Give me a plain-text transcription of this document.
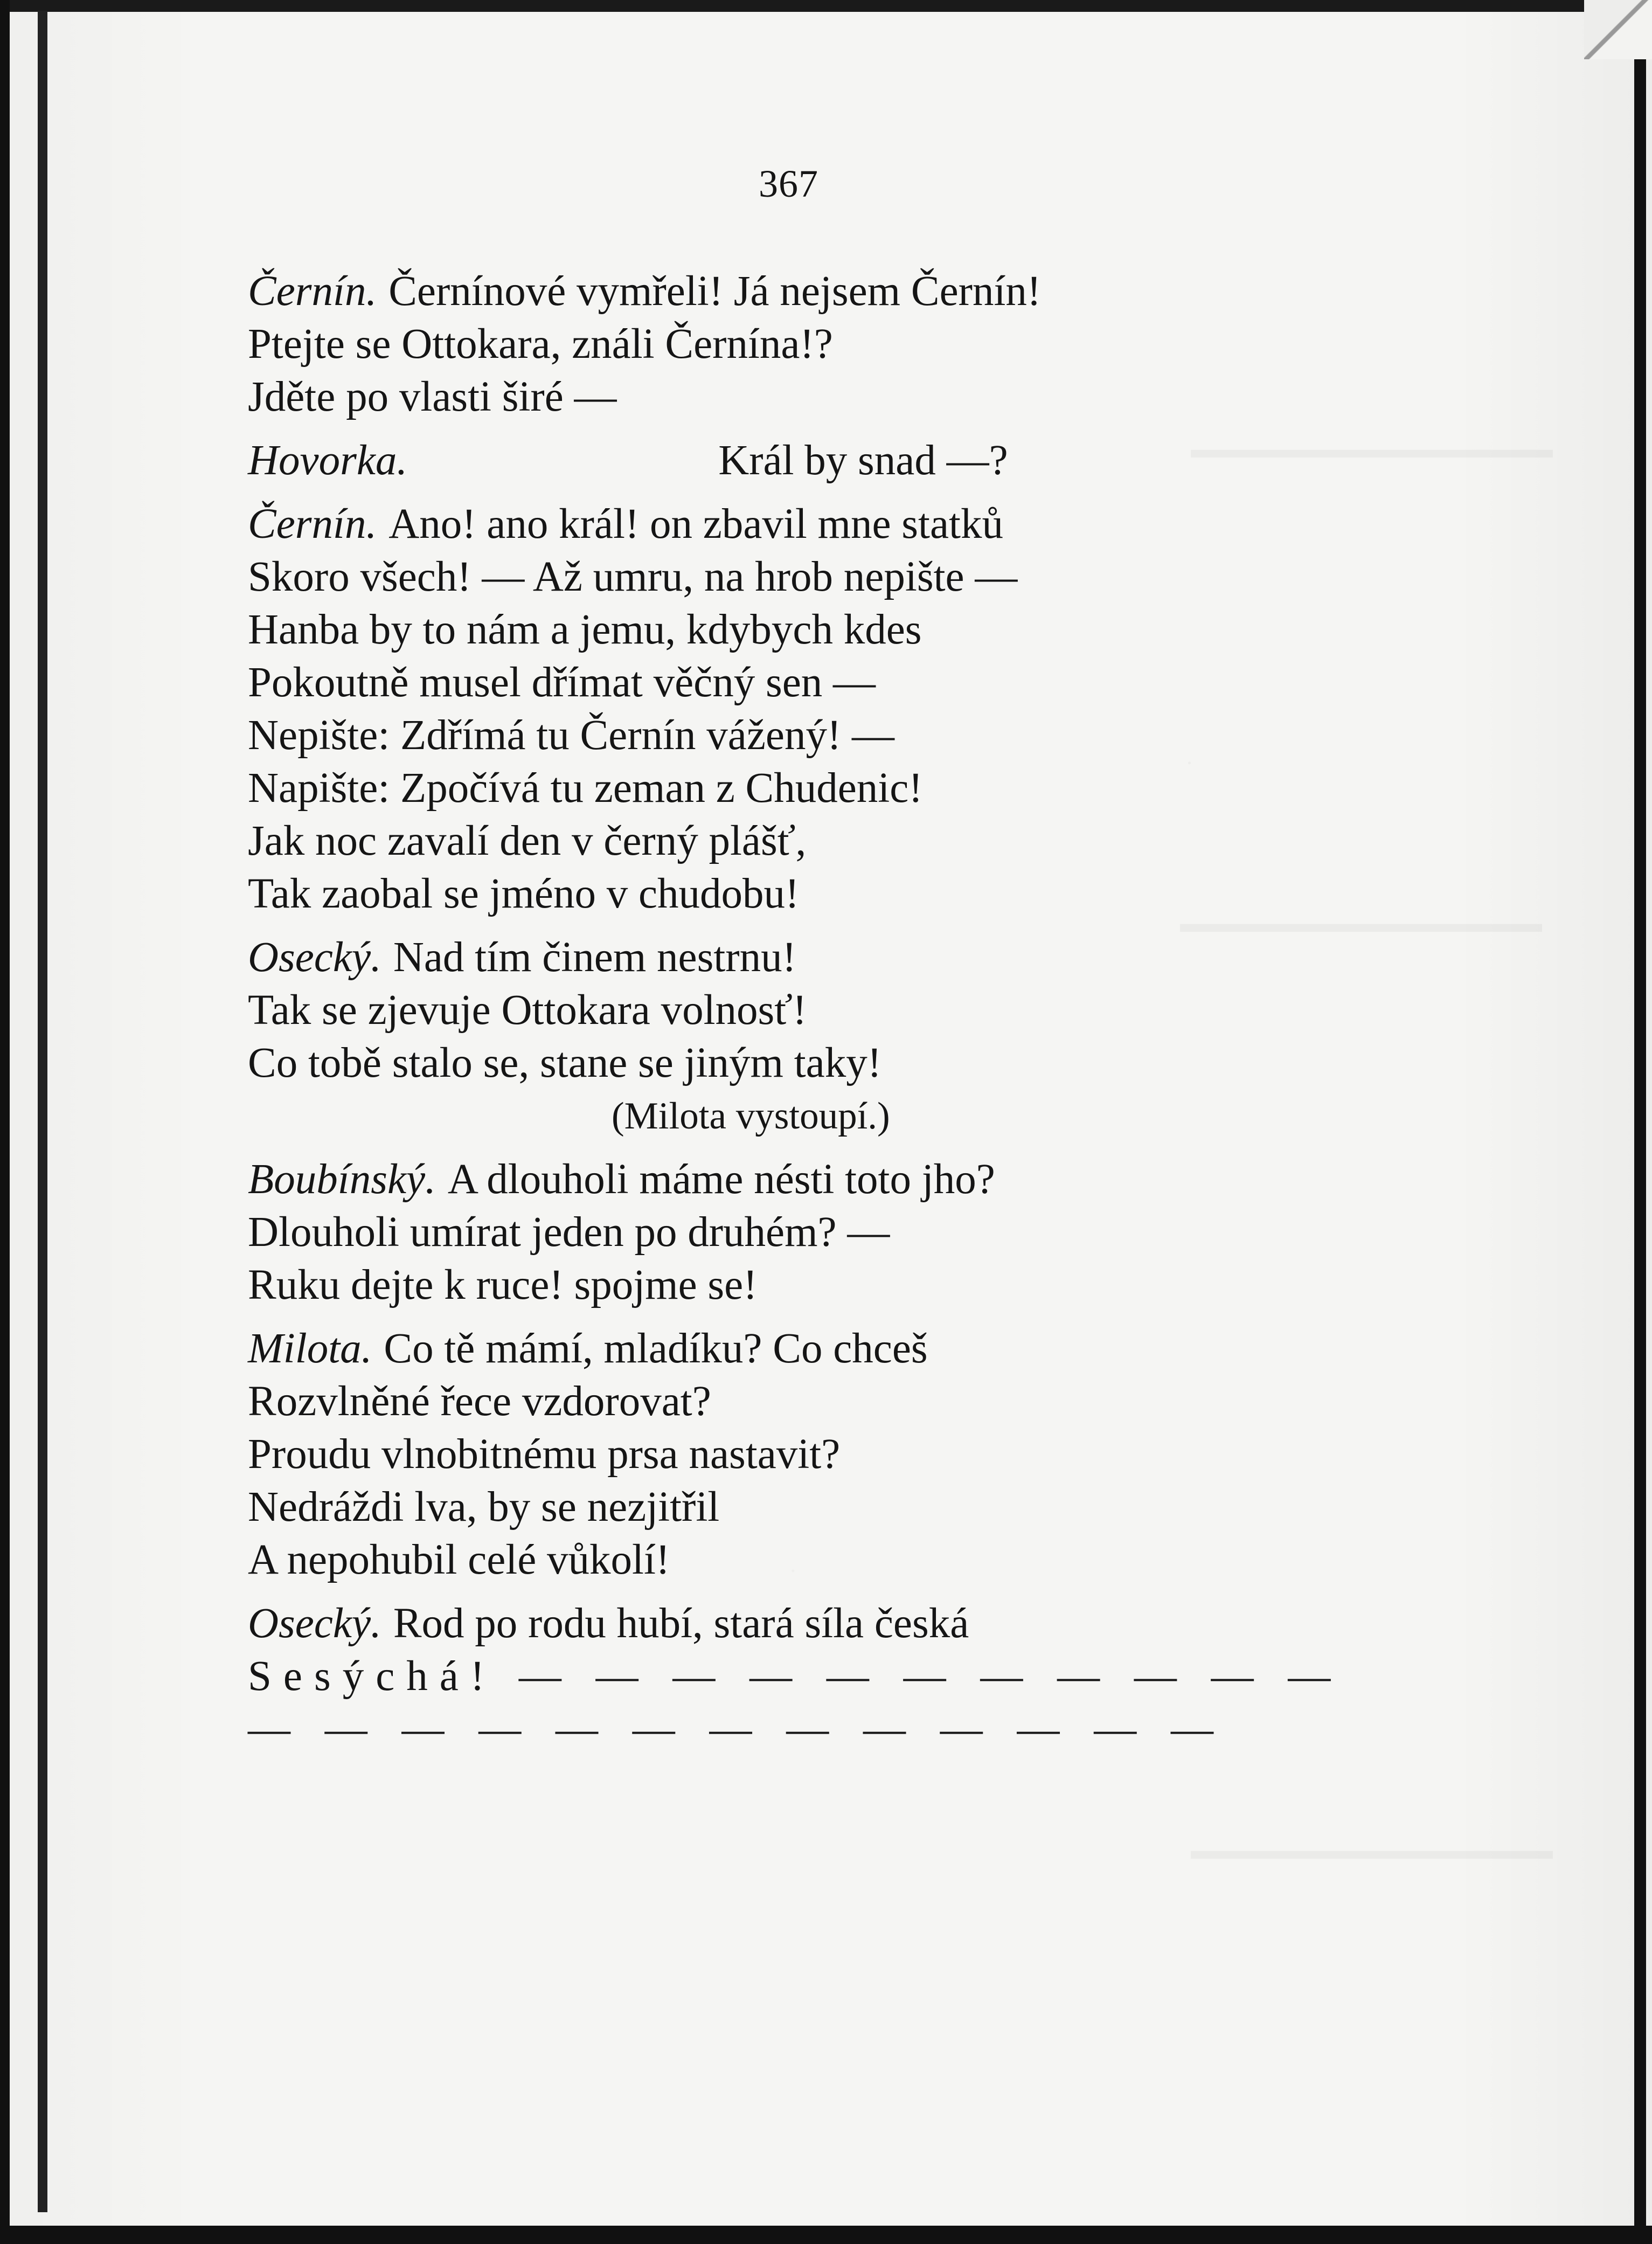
▬▬▬▬▬▬▬▬▬▬▬▬▬▬
▬▬▬▬▬▬▬▬▬▬▬▬▬▬
▬▬▬▬▬▬▬▬▬▬▬▬▬▬
367
Černín. Černínové vymřeli! Já nejsem Černín!
Ptejte se Ottokara, ználi Černína!?
Jděte po vlasti širé —
Hovorka.	Král by snad —?
Černín. Ano! ano král! on zbavil mne statků
Skoro všech! — Až umru, na hrob nepište —
Hanba by to nám a jemu, kdybych kdes
Pokoutně musel dřímat věčný sen —
Nepište: Zdřímá tu Černín vážený! —
Napište: Zpočívá tu zeman z Chudenic!
Jak noc zavalí den v černý plášť,
Tak zaobal se jméno v chudobu!
Osecký. Nad tím činem nestrnu!
Tak se zjevuje Ottokara volnosť!
Co tobě stalo se, stane se jiným taky!
(Milota vystoupí.)
Boubínský. A dlouholi máme nésti toto jho?
Dlouholi umírat jeden po druhém? —
Ruku dejte k ruce! spojme se!
Milota. Co tě mámí, mladíku? Co chceš
Rozvlněné řece vzdorovat?
Proudu vlnobitnému prsa nastavit?
Nedráždi lva, by se nezjitřil
A nepohubil celé vůkolí!
Osecký. Rod po rodu hubí, stará síla česká
Sesýchá! — — — — — — — — — — —
— — — — — — — — — — — — —
